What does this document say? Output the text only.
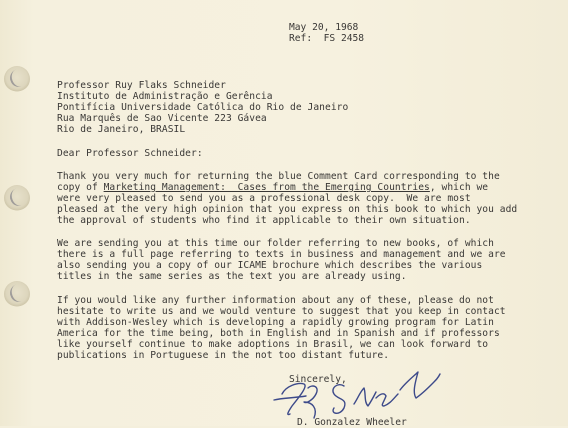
May 20, 1968
Ref:  FS 2458
Professor Ruy Flaks Schneider
Instituto de Administração e Gerência
Pontifícia Universidade Católica do Rio de Janeiro
Rua Marquês de Sao Vicente 223 Gávea
Rio de Janeiro, BRASIL
Dear Professor Schneider:
Thank you very much for returning the blue Comment Card corresponding to the
copy of Marketing Management:  Cases from the Emerging Countries, which we
were very pleased to send you as a professional desk copy.  We are most
pleased at the very high opinion that you express on this book to which you add
the approval of students who find it applicable to their own situation.
We are sending you at this time our folder referring to new books, of which
there is a full page referring to texts in business and management and we are
also sending you a copy of our ICAME brochure which describes the various
titles in the same series as the text you are already using.
If you would like any further information about any of these, please do not
hesitate to write us and we would venture to suggest that you keep in contact
with Addison-Wesley which is developing a rapidly growing program for Latin
America for the time being, both in English and in Spanish and if professors
like yourself continue to make adoptions in Brasil, we can look forward to
publications in Portuguese in the not too distant future.
Sincerely,
D. Gonzalez Wheeler
